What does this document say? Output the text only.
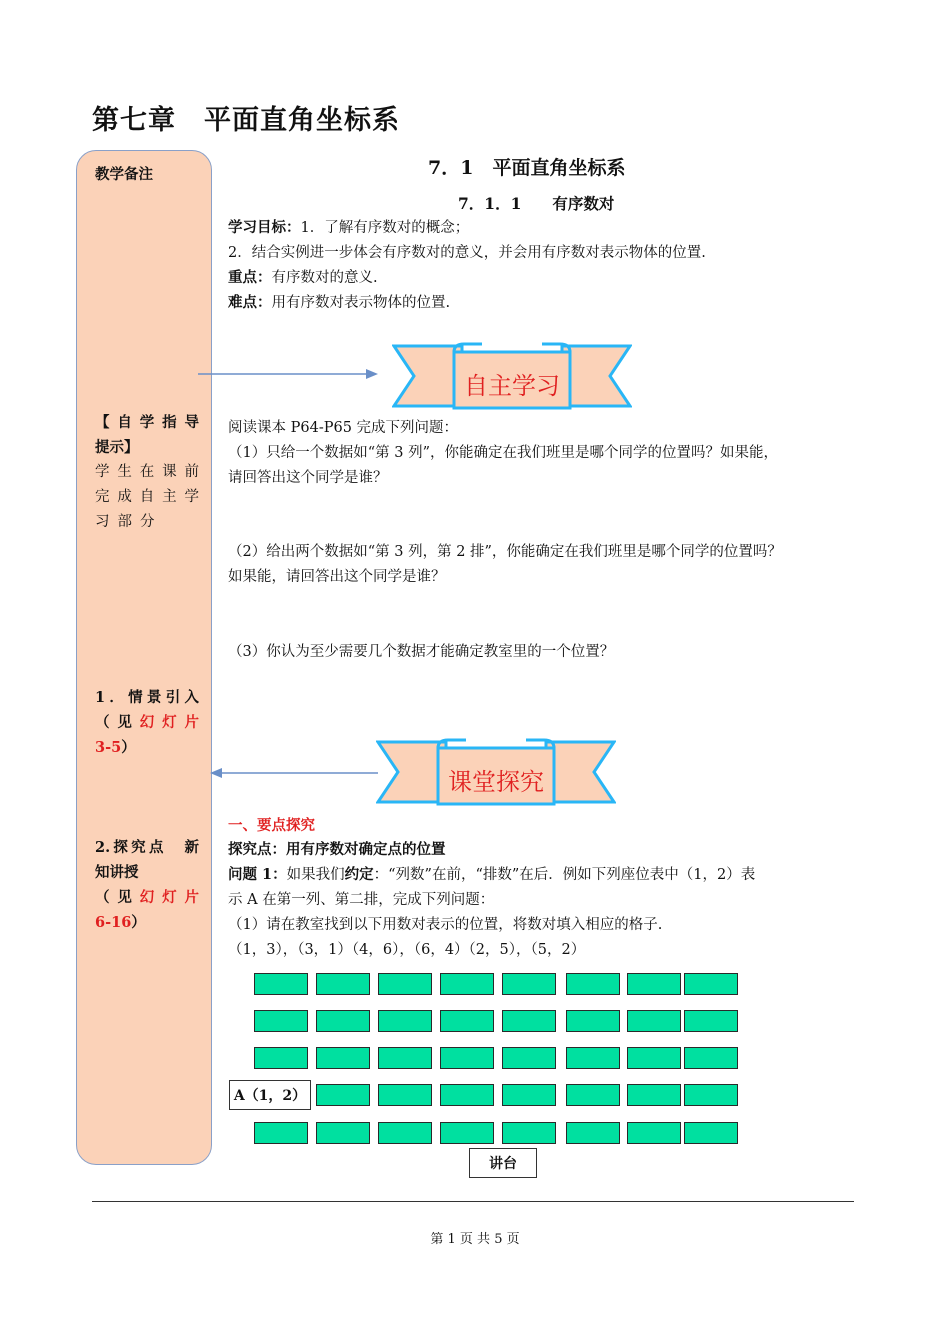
第七章　平面直角坐标系
教学备注
【自学指导
提示】
学生在课前
完成自主学
习部分
1．情景引入
（见幻灯片
3-5）
2.探究点　新
知讲授
（见幻灯片
6-16）
7．1　平面直角坐标系
7．1．1　　有序数对
学习目标：1．了解有序数对的概念；
2．结合实例进一步体会有序数对的意义，并会用有序数对表示物体的位置.
重点：有序数对的意义.
难点：用有序数对表示物体的位置.
自主学习
阅读课本 P64-P65 完成下列问题：
（1）只给一个数据如“第 3 列”，你能确定在我们班里是哪个同学的位置吗？如果能，
请回答出这个同学是谁？
（2）给出两个数据如“第 3 列，第 2 排”，你能确定在我们班里是哪个同学的位置吗？
如果能，请回答出这个同学是谁？
（3）你认为至少需要几个数据才能确定教室里的一个位置？
课堂探究
一、要点探究
探究点：用有序数对确定点的位置
问题 1：如果我们约定：“列数”在前，“排数”在后．例如下列座位表中（1，2）表
示 A 在第一列、第二排，完成下列问题：
（1）请在教室找到以下用数对表示的位置，将数对填入相应的格子.
（1，3），（3，1）（4，6），（6，4）（2，5），（5，2）
A（1，2）
讲台
第 1 页 共 5 页
